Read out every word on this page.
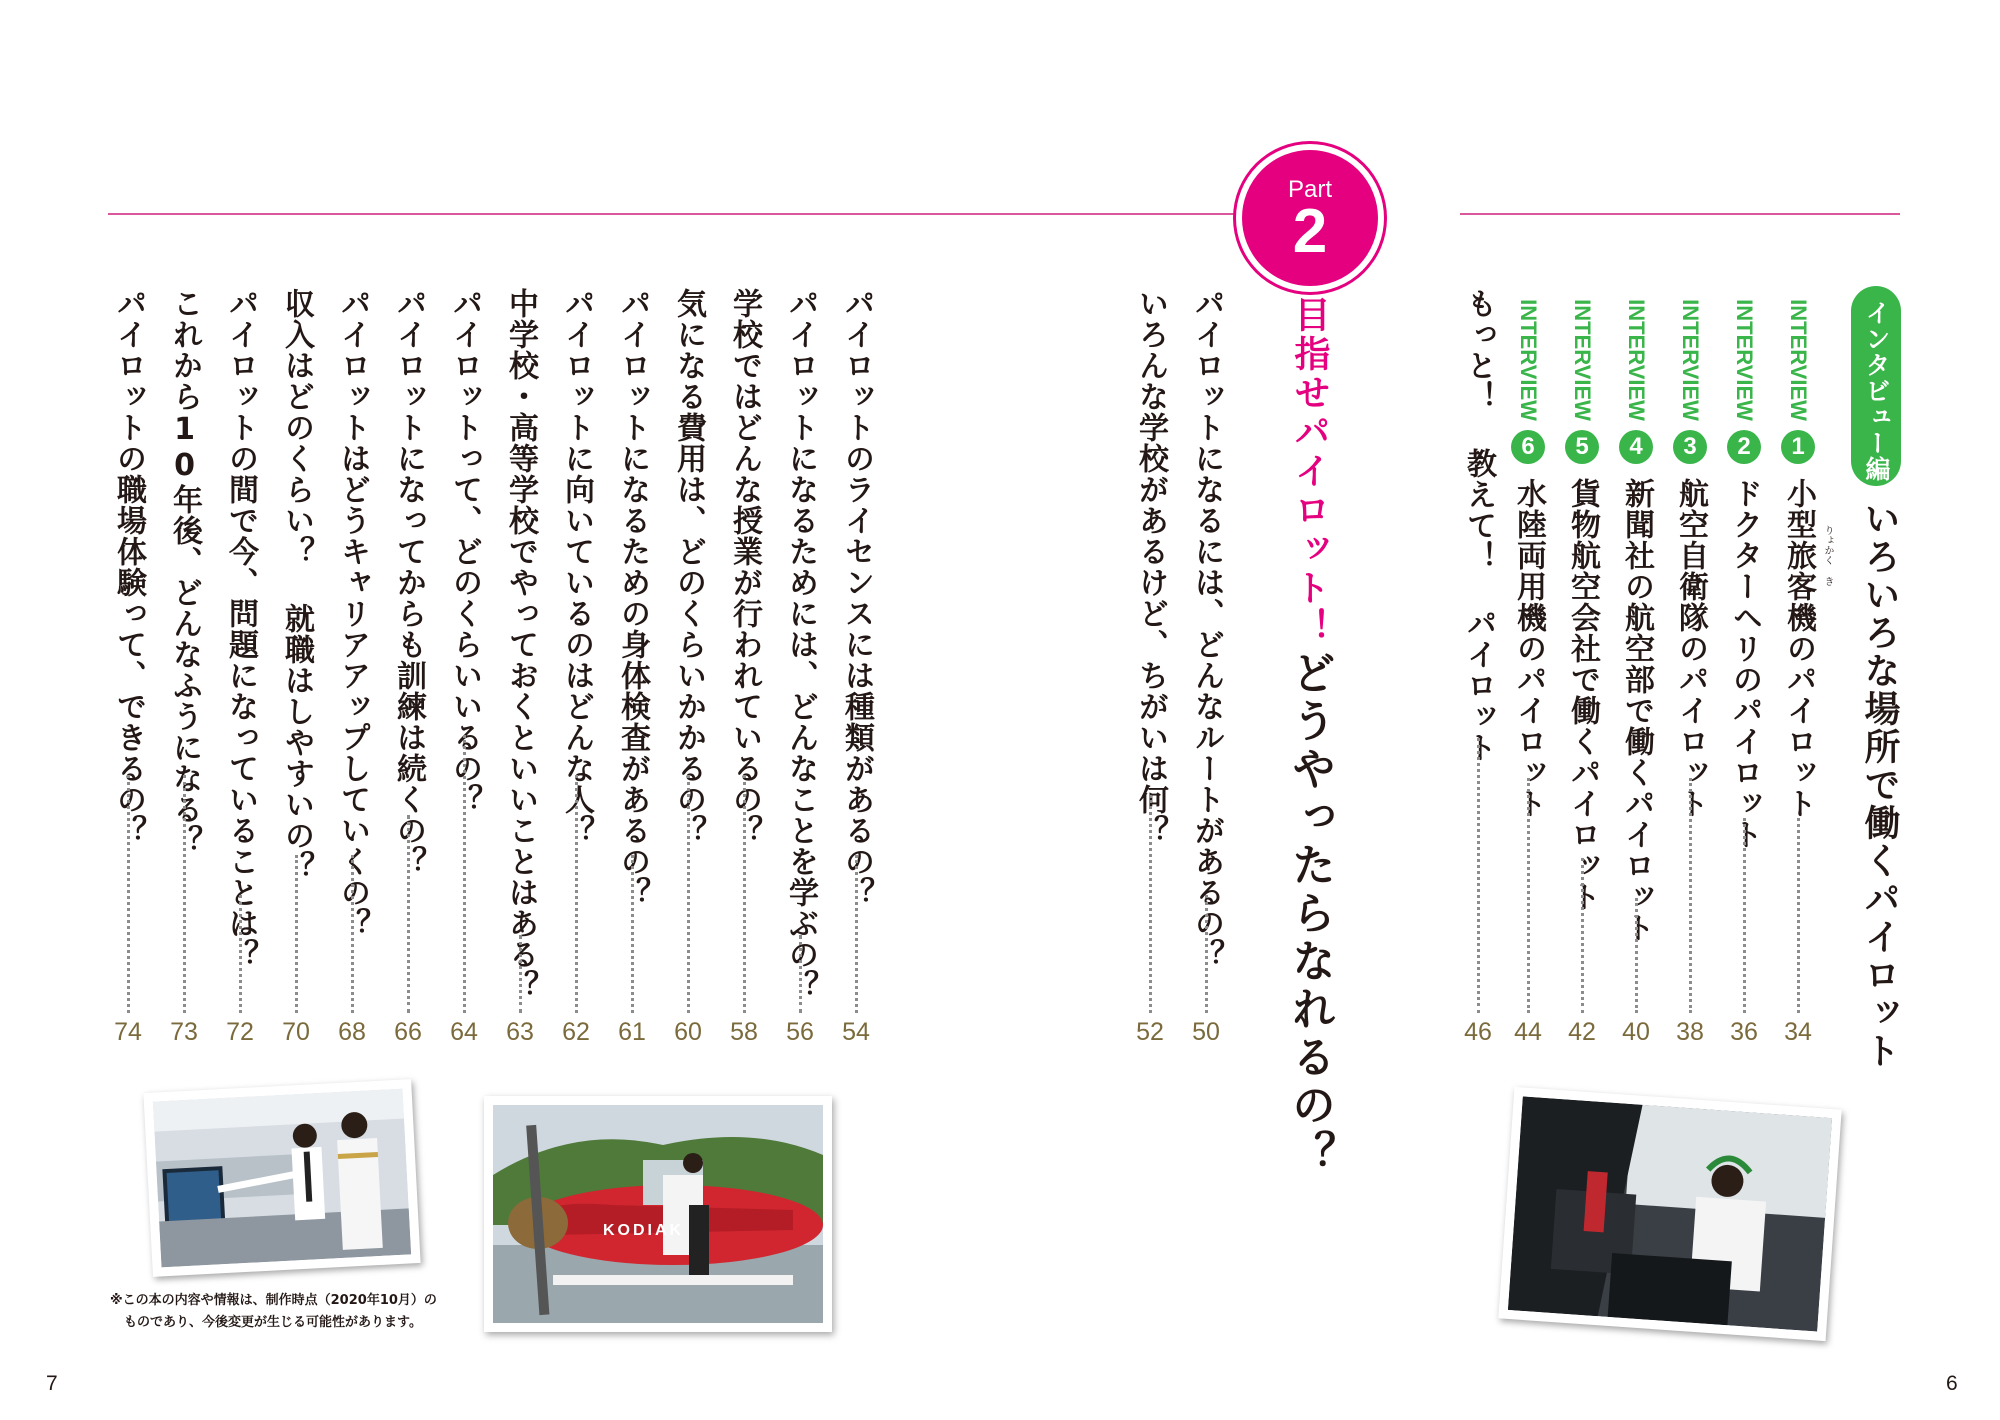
Part
2
目指せパイロット！
どうやったらなれるの？
パイロットになるには、どんなルートがあるの？
50
いろんな学校があるけど、ちがいは何？
52
パイロットのライセンスには種類があるの？
54
パイロットになるためには、どんなことを学ぶの？
56
学校ではどんな授業が行われているの？
58
気になる費用は、どのくらいかかるの？
60
パイロットになるための身体検査があるの？
61
パイロットに向いているのはどんな人？
62
中学校・高等学校でやっておくといいことはある？
63
パイロットって、どのくらいいるの？
64
パイロットになってからも訓練は続くの？
66
パイロットはどうキャリアアップしていくの？
68
収入はどのくらい？ 就職はしやすいの？
70
パイロットの間で今、問題になっていることは？
72
これから10年後、どんなふうになる？
73
パイロットの職場体験って、できるの？
74
インタビュー編
いろいろな場所で働くパイロット
りょかく き
INTERVIEW
1
小型旅客機のパイロット
34
INTERVIEW
2
ドクターヘリのパイロット
36
INTERVIEW
3
航空自衛隊のパイロット
38
INTERVIEW
4
新聞社の航空部で働くパイロット
40
INTERVIEW
5
貨物航空会社で働くパイロット
42
INTERVIEW
6
水陸両用機のパイロット
44
もっと！ 教えて！ パイロット
46
KODIAK
※この本の内容や情報は、制作時点（2020年10月）の
ものであり、今後変更が生じる可能性があります。
7	6
